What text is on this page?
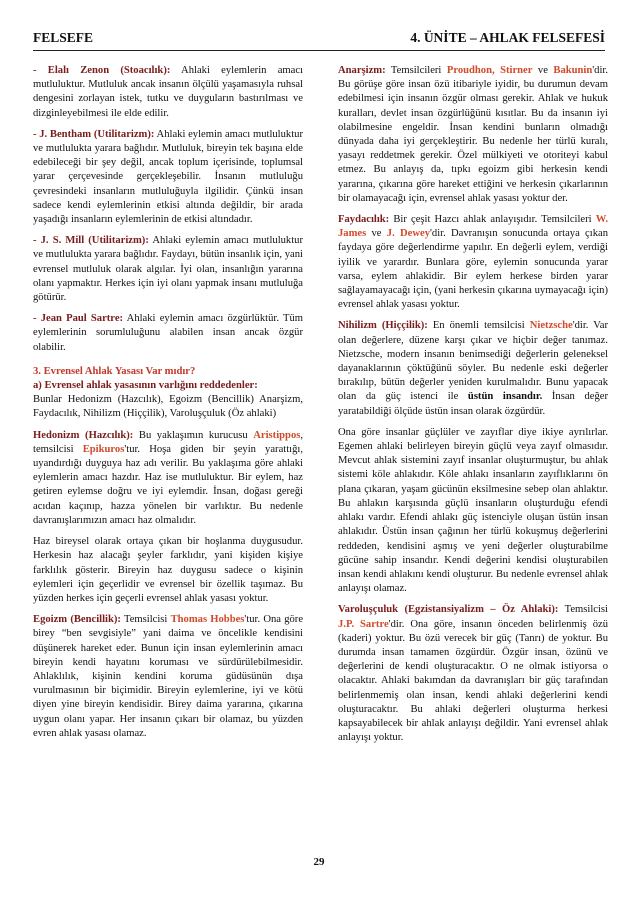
FELSEFE	4. ÜNİTE – AHLAK FELSEFESİ

- Elalı Zenon (Stoacılık): Ahlaki eylemlerin amacı mutluluktur. Mutluluk ancak insanın ölçülü yaşamasıyla ruhsal dengesini zorlayan istek, tutku ve duyguların bastırılması ve dizginleyebilmesi ile elde edilir.

- J. Bentham (Utilitarizm): Ahlaki eylemin amacı mutluluktur ve mutlulukta yarara bağlıdır. Mutluluk, bireyin tek başına elde edebileceği bir şey değil, ancak toplum içerisinde, toplumsal yarar çerçevesinde gerçekleşebilir. İnsanın mutluluğu çevresindeki insanların mutluluğuyla ilgilidir. Çünkü insan sadece kendi eylemlerinin etkisi altında değildir, bir arada yaşadığı insanların eylemlerinin de etkisi altındadır.

- J. S. Mill (Utilitarizm): Ahlaki eylemin amacı mutluluktur ve mutlulukta yarara bağlıdır. Faydayı, bütün insanlık için, yani evrensel mutluluk olarak algılar. İyi olan, insanlığın yararına olanı yapmaktır. Herkes için iyi olanı yapmak insanı mutluluğa götürür.

- Jean Paul Sartre: Ahlaki eylemin amacı özgürlüktür. Tüm eylemlerinin sorumluluğunu alabilen insan ancak özgür olabilir.

3. Evrensel Ahlak Yasası Var mıdır?

a) Evrensel ahlak yasasının varlığını reddedenler:
Bunlar Hedonizm (Hazcılık), Egoizm (Bencillik) Anarşizm, Faydacılık, Nihilizm (Hiççilik), Varoluşçuluk (Öz ahlaki)

Hedonizm (Hazcılık): Bu yaklaşımın kurucusu Aristippos, temsilcisi Epikuros'tur. Hoşa giden bir şeyin yarattığı, uyandırdığı duyguya haz adı verilir. Bu yaklaşıma göre ahlaki eylemlerin amacı hazdır. Haz ise mutluluktur. Bir eylem, haz getiren eylemse doğru ve iyi eylemdir. İnsan, doğası gereği acıdan kaçınıp, hazza yönelen bir varlıktır. Bu nedenle davranışlarımızın amacı haz olmalıdır.

Haz bireysel olarak ortaya çıkan bir hoşlanma duygusudur. Herkesin haz alacağı şeyler farklıdır, yani kişiden kişiye farklılık gösterir. Bireyin haz duygusu sadece o kişinin eylemleri için geçerlidir ve evrensel bir özellik taşımaz. Bu yüzden herkes için geçerli evrensel ahlak yasası yoktur.

Egoizm (Bencillik): Temsilcisi Thomas Hobbes'tur. Ona göre birey “ben sevgisiyle” yani daima ve öncelikle kendisini düşünerek hareket eder. Bunun için insan eylemlerinin amacı bireyin kendi hayatını koruması ve sürdürülebilmesidir. Ahlaklılık, kişinin kendini koruma güdüsünün dışa vurulmasının bir biçimidir. Bireyin eylemlerine, iyi ve kötü diyen yine bireyin kendisidir. Birey daima yararına, çıkarına uygun olanı yapar. Her insanın çıkarı bir olamaz, bu yüzden evren ahlak yasası olamaz.

Anarşizm: Temsilcileri Proudhon, Stirner ve Bakunin'dir. Bu görüşe göre insan özü itibariyle iyidir, bu durumun devam edebilmesi için insanın özgür olması gerekir. Ahlak ve hukuk kuralları, devlet insan özgürlüğünü kısıtlar. Bu da insanın iyi olabilmesine engeldir. İnsan kendini bunların olmadığı dünyada daha iyi gerçekleştirir. Bu nedenle her türlü kuralı, yasayı reddetmek gerekir. Özel mülkiyeti ve otoriteyi kabul etmez. Bu anlayış da, tıpkı egoizm gibi herkesin kendi yararına, çıkarına göre hareket ettiğini ve herkesin çıkarlarının bir olamayacağı için, evrensel ahlak yasası yoktur der.

Faydacılık: Bir çeşit Hazcı ahlak anlayışıdır. Temsilcileri W. James ve J. Dewey'dir. Davranışın sonucunda ortaya çıkan faydaya göre değerlendirme yapılır. En değerli eylem, verdiği iyilik ve yarardır. Bunlara göre, eylemin sonucunda yarar varsa, eylem ahlakidir. Bir eylem herkese birden yarar sağlayamayacağı için, (yani herkesin çıkarına uymayacağı için) evrensel ahlak yasası yoktur.

Nihilizm (Hiççilik): En önemli temsilcisi Nietzsche'dir. Var olan değerlere, düzene karşı çıkar ve hiçbir değer tanımaz. Nietzsche, modern insanın benimsediği değerlerin geleneksel dayanaklarının çöktüğünü söyler. Bu nedenle eski değerler bırakılıp, bütün değerler yeniden kurulmalıdır. Bunu yapacak olan da güç istenci ile üstün insandır. İnsan değer yaratabildiği ölçüde üstün insan olarak özgürdür.

Ona göre insanlar güçlüler ve zayıflar diye ikiye ayrılırlar. Egemen ahlaki belirleyen bireyin güçlü veya zayıf olmasıdır. Mevcut ahlak sistemini zayıf insanlar oluşturmuştur, bu ahlak sistemi köle ahlakıdır. Köle ahlakı insanların zayıflıklarını ön plana çıkaran, yaşam gücünün eksilmesine sebep olan ahlaktır. Bu ahlakın karşısında güçlü insanların oluşturduğu efendi ahlakı vardır. Efendi ahlakı güç istenciyle oluşan üstün insan ahlakıdır. Üstün insan çağının her türlü kokuşmuş değerlerini reddeden, kendisini aşmış ve yeni değerler oluşturabilme gücüne sahip insandır. Kendi değerini kendisi oluşturabilen insan kendi ahlakını kendi oluşturur. Bu nedenle evrensel ahlak anlayışı olamaz.

Varoluşçuluk (Egzistansiyalizm – Öz Ahlaki): Temsilcisi J.P. Sartre'dir. Ona göre, insanın önceden belirlenmiş özü (kaderi) yoktur. Bu özü verecek bir güç (Tanrı) de yoktur. Bu durumda insan tamamen özgürdür. Özgür insan, özünü ve değerlerini de kendi oluşturacaktır. O ne olmak istiyorsa o olacaktır. Ahlaki bakımdan da davranışları bir güç tarafından belirlenmemiş olan insan, kendi ahlaki değerlerini kendi oluşturacaktır. Bu ahlaki değerleri oluşturma herkesi kapsayabilecek bir ahlak anlayışı değildir. Yani evrensel ahlak anlayışı yoktur.

29
